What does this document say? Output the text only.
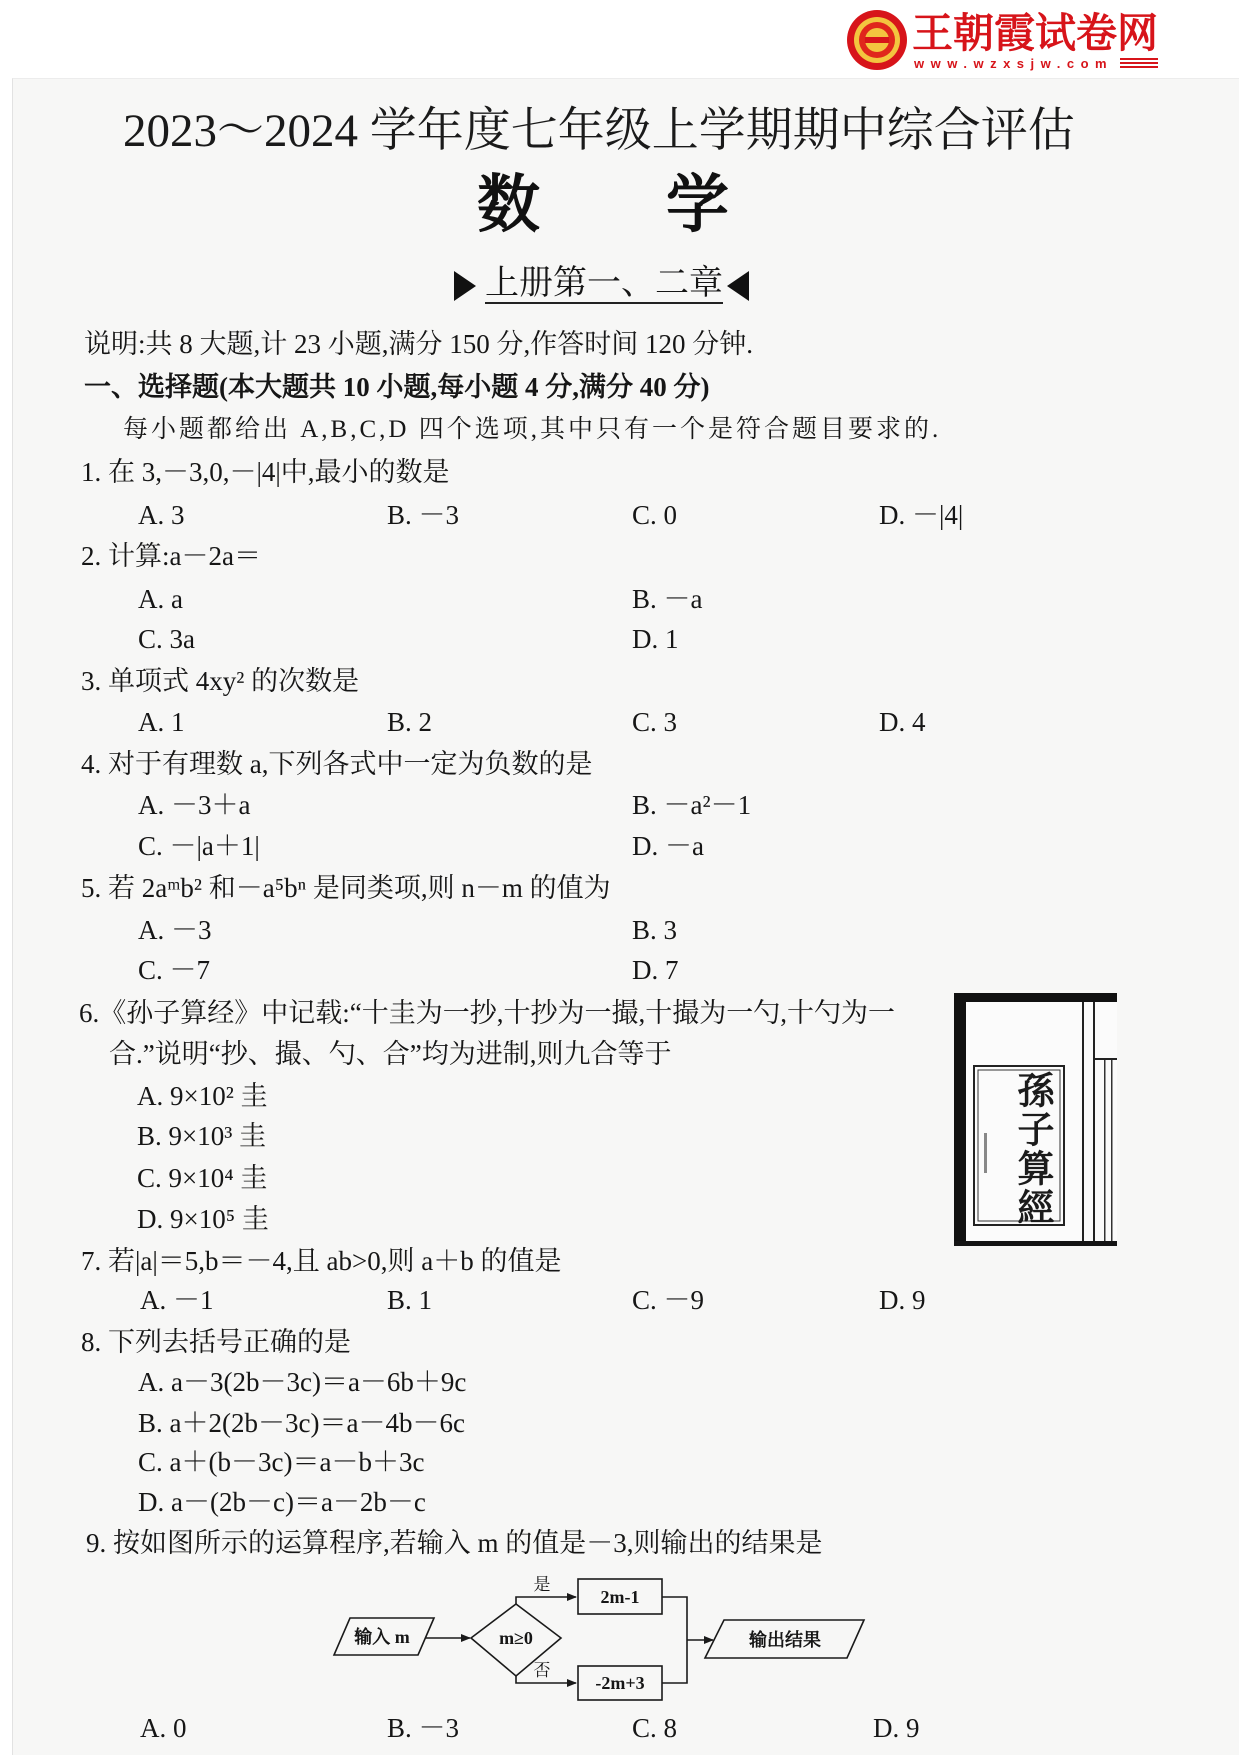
王朝霞试卷网
www.wzxsjw.com
2023～2024 学年度七年级上学期期中综合评估
数　　学
上册第一、二章
说明:共 8 大题,计 23 小题,满分 150 分,作答时间 120 分钟.
一、选择题(本大题共 10 小题,每小题 4 分,满分 40 分)
每小题都给出 A,B,C,D 四个选项,其中只有一个是符合题目要求的.
1. 在 3,－3,0,－|4|中,最小的数是
A. 3	B. －3	C. 0	D. －|4|
2. 计算:a－2a＝
A. a	B. －a
C. 3a	D. 1
3. 单项式 4xy² 的次数是
A. 1	B. 2	C. 3	D. 4
4. 对于有理数 a,下列各式中一定为负数的是
A. －3＋a	B. －a²－1
C. －|a＋1|	D. －a
5. 若 2aᵐb² 和－a⁵bⁿ 是同类项,则 n－m 的值为
A. －3	B. 3
C. －7	D. 7
6.《孙子算经》中记载:“十圭为一抄,十抄为一撮,十撮为一勺,十勺为一
合.”说明“抄、撮、勺、合”均为进制,则九合等于
A. 9×10² 圭
B. 9×10³ 圭
C. 9×10⁴ 圭
D. 9×10⁵ 圭	孫子算經
7. 若|a|＝5,b＝－4,且 ab>0,则 a＋b 的值是
A. －1	B. 1	C. －9	D. 9
8. 下列去括号正确的是
A. a－3(2b－3c)＝a－6b＋9c
B. a＋2(2b－3c)＝a－4b－6c
C. a＋(b－3c)＝a－b＋3c
D. a－(2b－c)＝a－2b－c
9. 按如图所示的运算程序,若输入 m 的值是－3,则输出的结果是
输入 m	m≥0
是
2m-1
否
-2m+3
输出结果
A. 0	B. －3	C. 8	D. 9
